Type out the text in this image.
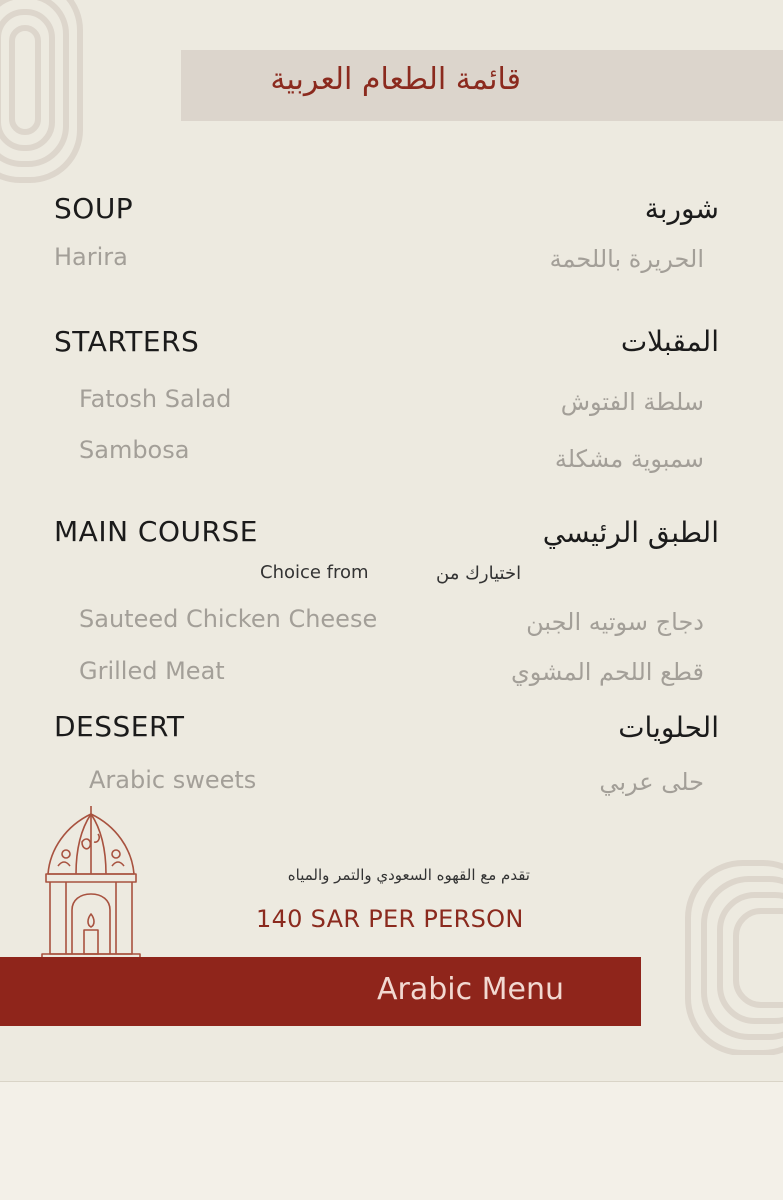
قائمة الطعام العربية
SOUP	شوربة
Harira	الحريرة باللحمة
STARTERS	المقبلات
Fatosh Salad	سلطة الفتوش
Sambosa	سمبوية مشكلة
MAIN COURSE	الطبق الرئيسي
Choice from	اختيارك من
Sauteed Chicken Cheese	دجاج سوتيه الجبن
Grilled Meat	قطع اللحم المشوي
DESSERT	الحلويات
Arabic sweets	حلى عربي
تقدم مع القهوه السعودي والتمر والمياه
140 SAR PER PERSON
Arabic Menu
